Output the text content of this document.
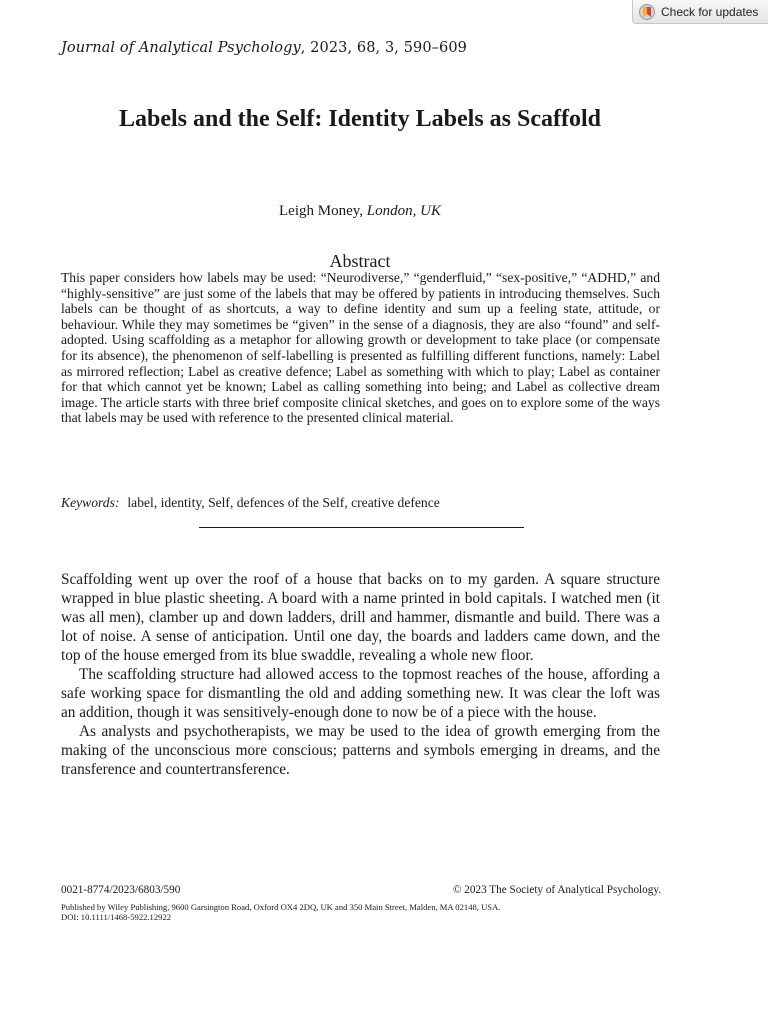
Check for updates
Journal of Analytical Psychology, 2023, 68, 3, 590–609
Labels and the Self: Identity Labels as Scaffold
Leigh Money, London, UK
Abstract
This paper considers how labels may be used: “Neurodiverse,” “genderfluid,” “sex-positive,” “ADHD,” and “highly-sensitive” are just some of the labels that may be offered by patients in introducing themselves. Such labels can be thought of as shortcuts, a way to define identity and sum up a feeling state, attitude, or behaviour. While they may sometimes be “given” in the sense of a diagnosis, they are also “found” and self-adopted. Using scaffolding as a metaphor for allowing growth or development to take place (or compensate for its absence), the phenomenon of self-labelling is presented as fulfilling different functions, namely: Label as mirrored reflection; Label as creative defence; Label as something with which to play; Label as container for that which cannot yet be known; Label as calling something into being; and Label as collective dream image. The article starts with three brief composite clinical sketches, and goes on to explore some of the ways that labels may be used with reference to the presented clinical material.
Keywords: label, identity, Self, defences of the Self, creative defence

Scaffolding went up over the roof of a house that backs on to my garden. A square structure wrapped in blue plastic sheeting. A board with a name printed in bold capitals. I watched men (it was all men), clamber up and down ladders, drill and hammer, dismantle and build. There was a lot of noise. A sense of anticipation. Until one day, the boards and ladders came down, and the top of the house emerged from its blue swaddle, revealing a whole new floor.

The scaffolding structure had allowed access to the topmost reaches of the house, affording a safe working space for dismantling the old and adding something new. It was clear the loft was an addition, though it was sensitively-enough done to now be of a piece with the house.

As analysts and psychotherapists, we may be used to the idea of growth emerging from the making of the unconscious more conscious; patterns and symbols emerging in dreams, and the transference and countertransference.

0021-8774/2023/6803/590	© 2023 The Society of Analytical Psychology.
Published by Wiley Publishing, 9600 Garsington Road, Oxford OX4 2DQ, UK and 350 Main Street, Malden, MA 02148, USA.
DOI: 10.1111/1468-5922.12922
